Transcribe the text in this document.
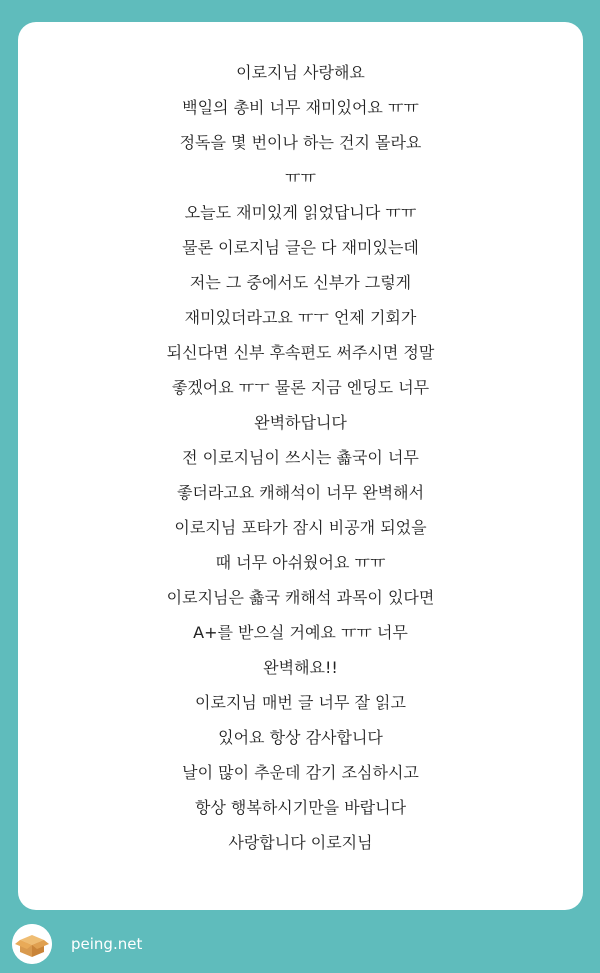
이로지님 사랑해요
백일의 총비 너무 재미있어요 ㅠㅠ
정독을 몇 번이나 하는 건지 몰라요
ㅠㅠ
오늘도 재미있게 읽었답니다 ㅠㅠ
물론 이로지님 글은 다 재미있는데
저는 그 중에서도 신부가 그렇게
재미있더라고요 ㅠㅜ 언제 기회가
되신다면 신부 후속편도 써주시면 정말
좋겠어요 ㅠㅜ 물론 지금 엔딩도 너무
완벽하답니다
전 이로지님이 쓰시는 춃국이 너무
좋더라고요 캐해석이 너무 완벽해서
이로지님 포타가 잠시 비공개 되었을
때 너무 아쉬웠어요 ㅠㅠ
이로지님은 춃국 캐해석 과목이 있다면
A+를 받으실 거예요 ㅠㅠ 너무
완벽해요!!
이로지님 매번 글 너무 잘 읽고
있어요 항상 감사합니다
날이 많이 추운데 감기 조심하시고
항상 행복하시기만을 바랍니다
사랑합니다 이로지님
peing.net
